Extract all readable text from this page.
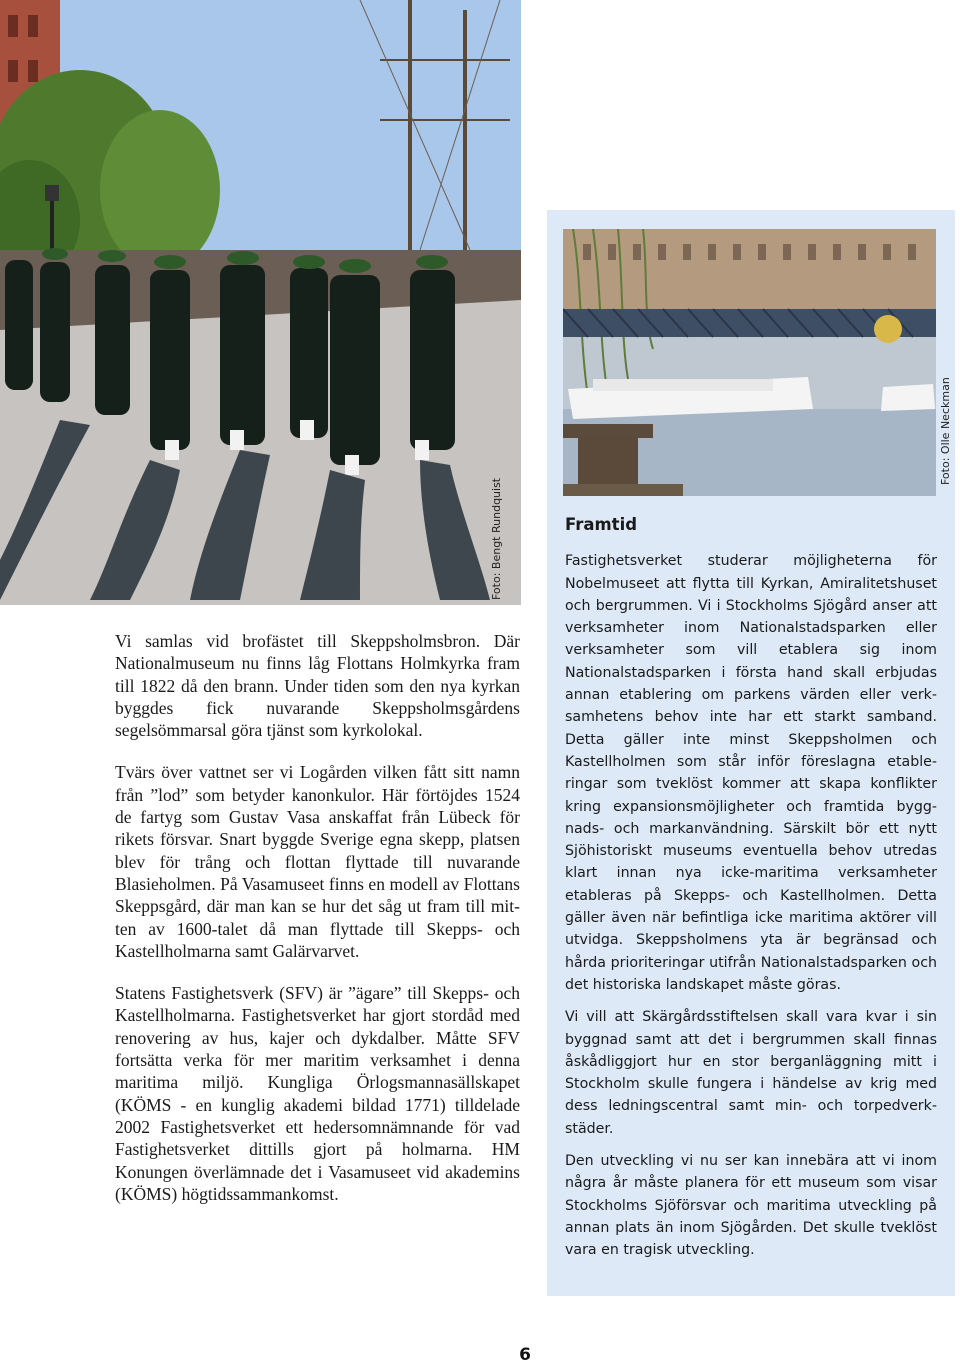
Foto: Bengt Rundquist
Foto: Olle Neckman

Vi samlas vid brofästet till Skeppsholmsbron. Där Nationalmuseum nu finns låg Flottans Holmkyrka fram till 1822 då den brann. Under tiden som den nya kyrkan byggdes fick nuvarande Skeppsholmsgårdens segelsömmarsal göra tjänst som kyrkolokal.

Tvärs över vattnet ser vi Logården vilken fått sitt namn från ”lod” som betyder kanonkulor. Här förtöjdes 1524 de fartyg som Gustav Vasa anskaffat från Lübeck för rikets försvar. Snart byggde Sverige egna skepp, platsen blev för trång och flottan flyttade till nuvarande Blasieholmen. På Vasamuseet finns en modell av Flottans Skeppsgård, där man kan se hur det såg ut fram till mitten av 1600-talet då man flyttade till Skepps- och Kastellholmarna samt Galärvarvet.

Statens Fastighetsverk (SFV) är ”ägare” till Skepps- och Kastellholmarna. Fastighetsverket har gjort stordåd med renovering av hus, kajer och dykdalber. Måtte SFV fortsätta verka för mer maritim verksamhet i denna maritima miljö. Kungliga Örlogsmannasällskapet (KÖMS - en kunglig akademi bildad 1771) tilldelade 2002 Fastighetsverket ett hedersomnämnande för vad Fastighetsverket dittills gjort på holmarna. HM Konungen överlämnade det i Vasamuseet vid akademins (KÖMS) högtidssammankomst.

Framtid

Fastighetsverket studerar möjligheterna för Nobelmuseet att flytta till Kyrkan, Amiralitetshuset och bergrummen. Vi i Stockholms Sjögård anser att verksamheter inom Nationalstadsparken eller verksamheter som vill etablera sig inom Nationalstadsparken i första hand skall erbjudas annan etablering om parkens värden eller verksamhetens behov inte har ett starkt samband. Detta gäller inte minst Skeppsholmen och Kastellholmen som står inför föreslagna etableringar som tveklöst kommer att skapa konflikter kring expansionsmöjligheter och framtida byggnads- och markanvändning. Särskilt bör ett nytt Sjöhistoriskt museums eventuella behov utredas klart innan nya icke-maritima verksamheter etableras på Skepps- och Kastellholmen. Detta gäller även när befintliga icke maritima aktörer vill utvidga. Skeppsholmens yta är begränsad och hårda prioriteringar utifrån Nationalstadsparken och det historiska landskapet måste göras.

Vi vill att Skärgårdsstiftelsen skall vara kvar i sin byggnad samt att det i bergrummen skall finnas åskådliggjort hur en stor berganläggning mitt i Stockholm skulle fungera i händelse av krig med dess ledningscentral samt min- och torpedverkstäder.

Den utveckling vi nu ser kan innebära att vi inom några år måste planera för ett museum som visar Stockholms Sjöförsvar och maritima utveckling på annan plats än inom Sjögården. Det skulle tveklöst vara en tragisk utveckling.

6
